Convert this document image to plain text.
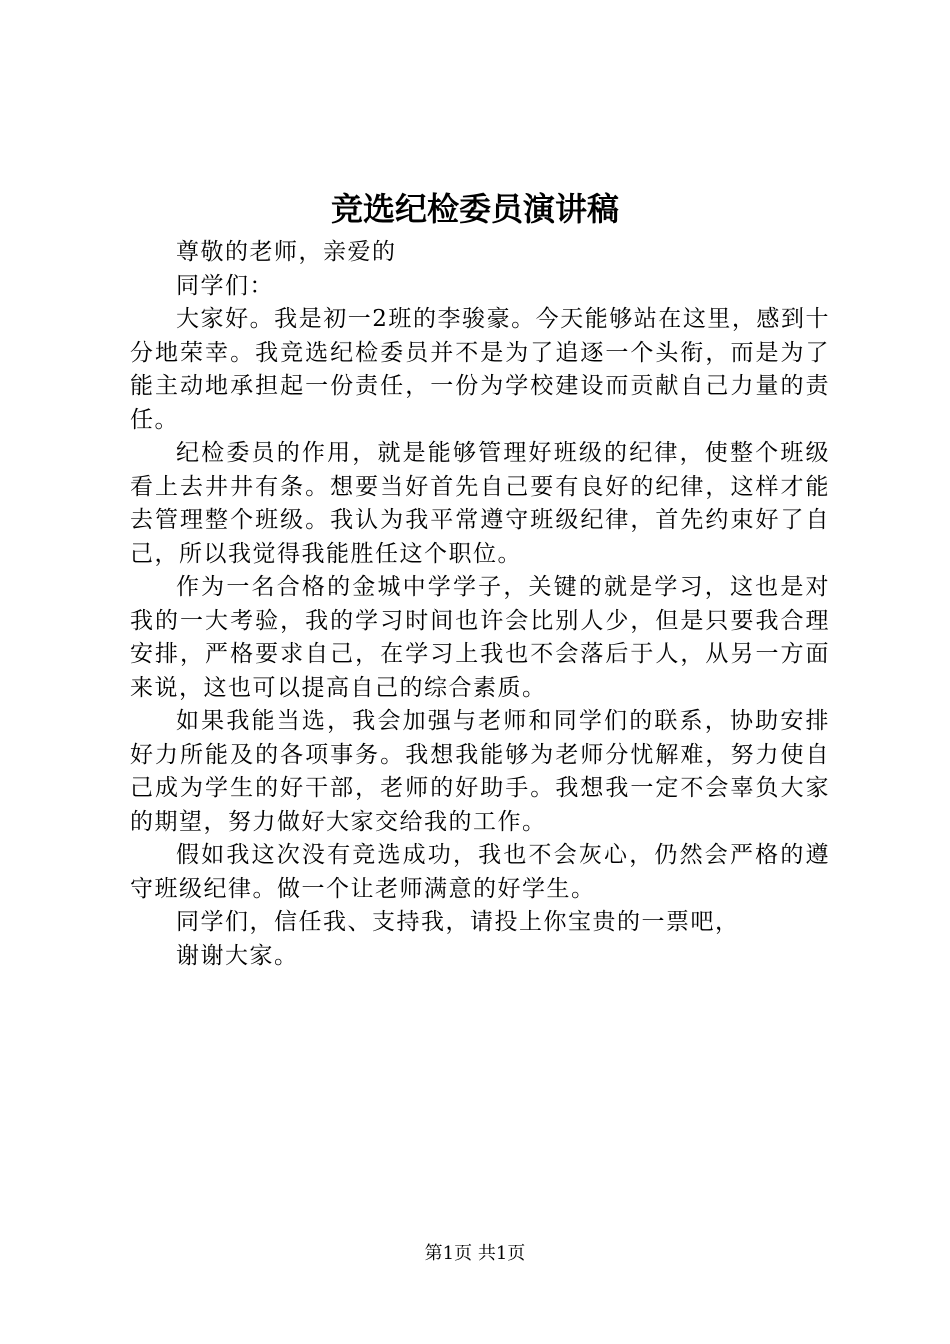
竞选纪检委员演讲稿

尊敬的老师，亲爱的

同学们：

大家好。我是初一2班的李骏豪。今天能够站在这里，感到十分地荣幸。我竞选纪检委员并不是为了追逐一个头衔，而是为了能主动地承担起一份责任，一份为学校建设而贡献自己力量的责任。

纪检委员的作用，就是能够管理好班级的纪律，使整个班级看上去井井有条。想要当好首先自己要有良好的纪律，这样才能去管理整个班级。我认为我平常遵守班级纪律，首先约束好了自己，所以我觉得我能胜任这个职位。

作为一名合格的金城中学学子，关键的就是学习，这也是对我的一大考验，我的学习时间也许会比别人少，但是只要我合理安排，严格要求自己，在学习上我也不会落后于人，从另一方面来说，这也可以提高自己的综合素质。

如果我能当选，我会加强与老师和同学们的联系，协助安排好力所能及的各项事务。我想我能够为老师分忧解难，努力使自己成为学生的好干部，老师的好助手。我想我一定不会辜负大家的期望，努力做好大家交给我的工作。

假如我这次没有竞选成功，我也不会灰心，仍然会严格的遵守班级纪律。做一个让老师满意的好学生。

同学们，信任我、支持我，请投上你宝贵的一票吧，

谢谢大家。

第1页 共1页
